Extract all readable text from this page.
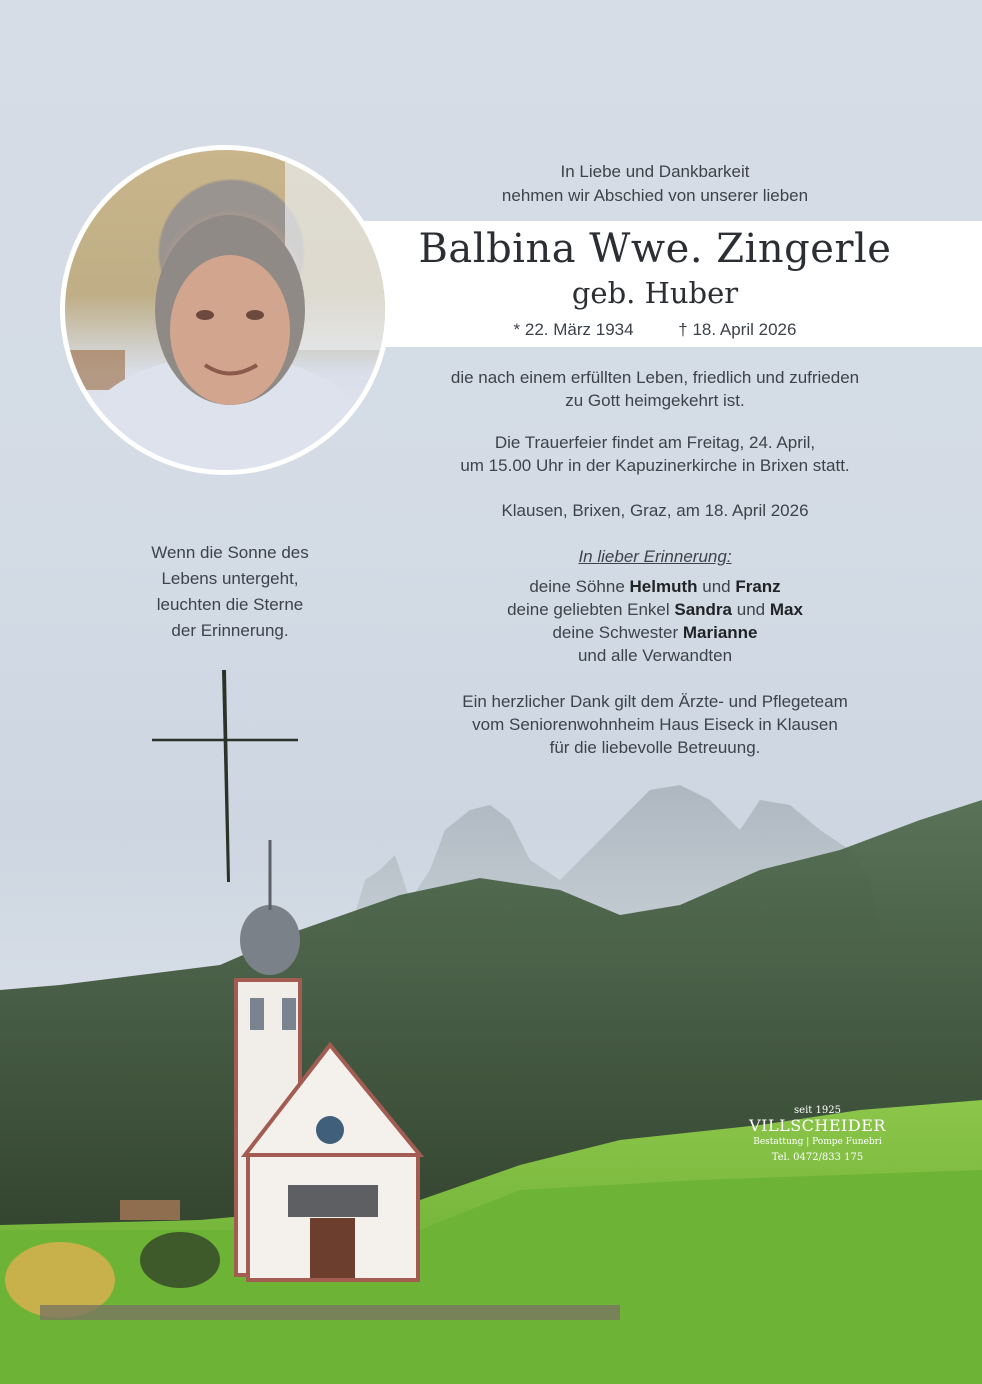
In Liebe und Dankbarkeit
nehmen wir Abschied von unserer lieben
Balbina Wwe. Zingerle
geb. Huber
* 22. März 1934	† 18. April 2026
die nach einem erfüllten Leben, friedlich und zufrieden
zu Gott heimgekehrt ist.
Die Trauerfeier findet am Freitag, 24. April,
um 15.00 Uhr in der Kapuzinerkirche in Brixen statt.
Klausen, Brixen, Graz, am 18. April 2026
In lieber Erinnerung:
deine Söhne Helmuth und Franz
deine geliebten Enkel Sandra und Max
deine Schwester Marianne
und alle Verwandten
Ein herzlicher Dank gilt dem Ärzte- und Pflegeteam
vom Seniorenwohnheim Haus Eiseck in Klausen
für die liebevolle Betreuung.
Wenn die Sonne des
Lebens untergeht,
leuchten die Sterne
der Erinnerung.
seit 1925
VILLSCHEIDER
Bestattung | Pompe Funebri
Tel. 0472/833 175
